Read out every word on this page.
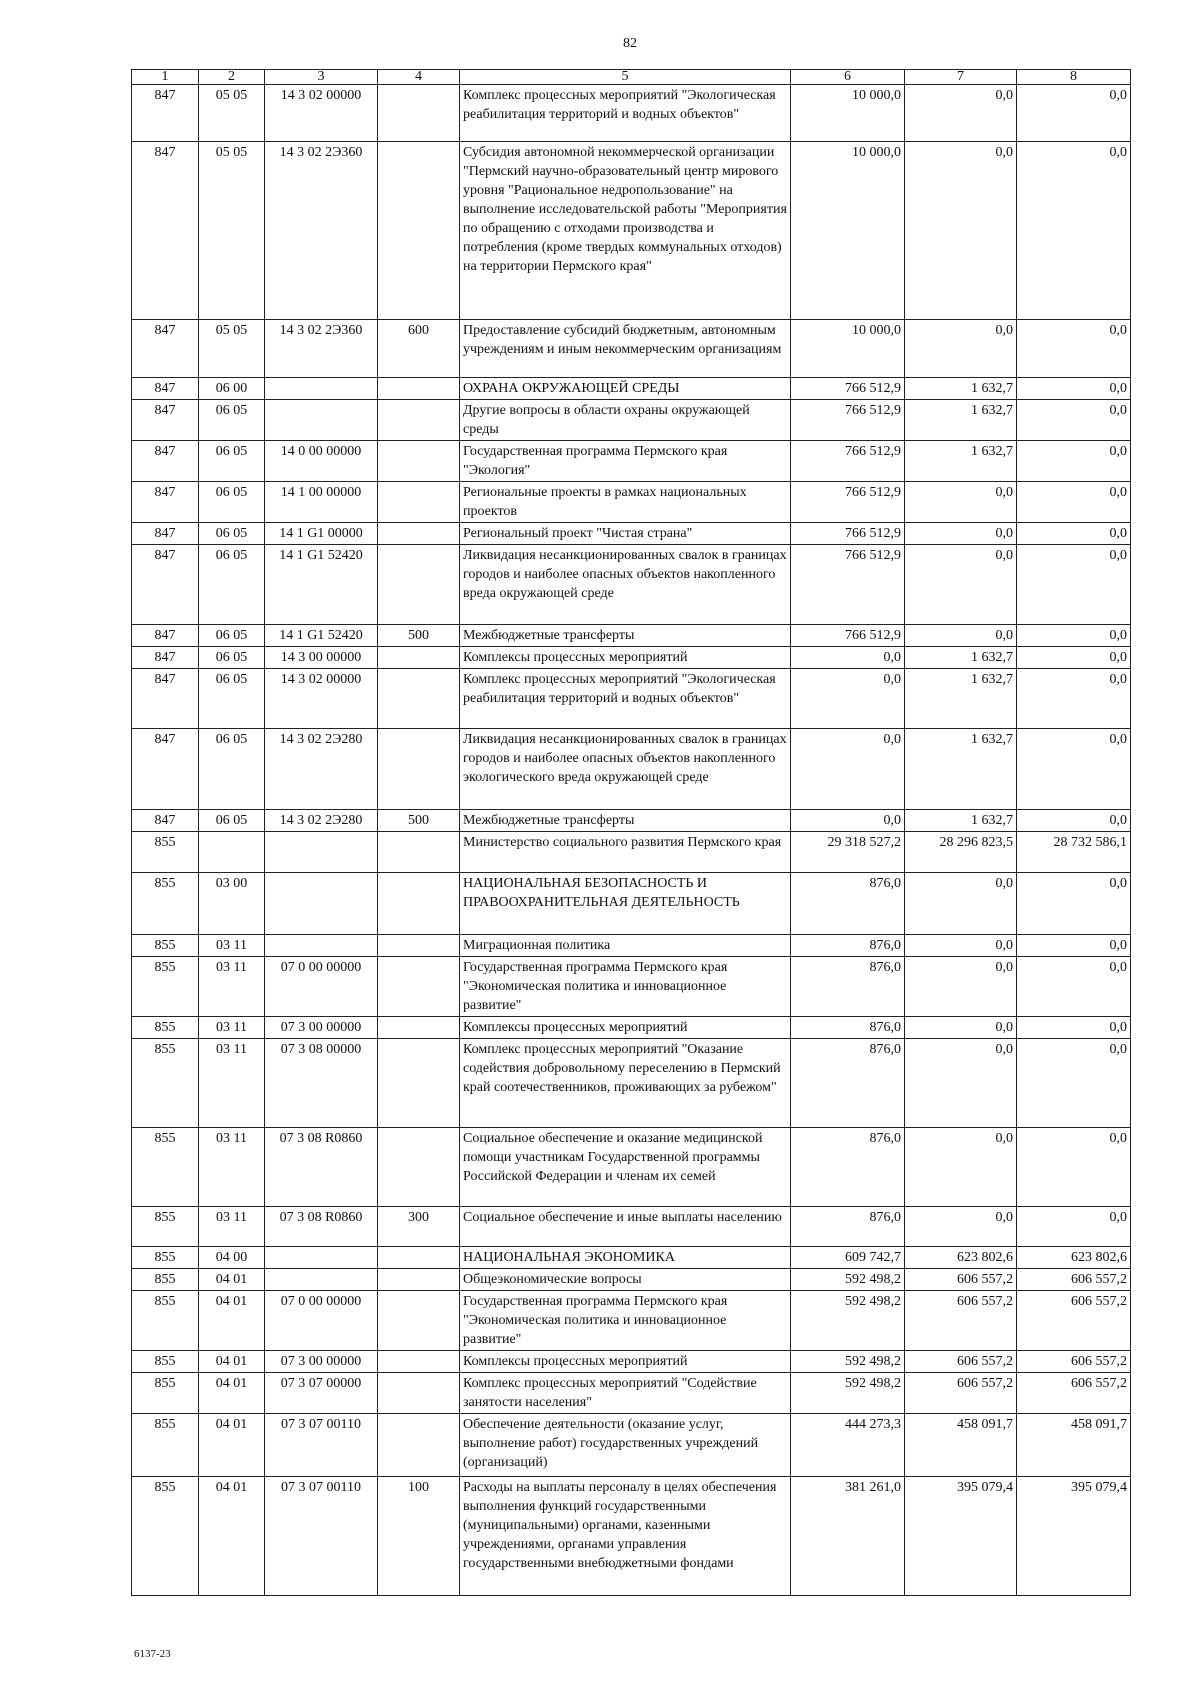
82
1	2	3	4	5	6	7	8
847	05 05	14 3 02 00000		Комплекс процессных мероприятий "Экологическая реабилитация территорий и водных объектов"	10 000,0	0,0	0,0
847	05 05	14 3 02 2Э360		Субсидия автономной некоммерческой организации "Пермский научно-образовательный центр мирового уровня "Рациональное недропользование" на выполнение исследовательской работы "Мероприятия по обращению с отходами производства и потребления (кроме твердых коммунальных отходов) на территории Пермского края"	10 000,0	0,0	0,0
847	05 05	14 3 02 2Э360	600	Предоставление субсидий бюджетным, автономным учреждениям и иным некоммерческим организациям	10 000,0	0,0	0,0
847	06 00			ОХРАНА ОКРУЖАЮЩЕЙ СРЕДЫ	766 512,9	1 632,7	0,0
847	06 05			Другие вопросы в области охраны окружающей среды	766 512,9	1 632,7	0,0
847	06 05	14 0 00 00000		Государственная программа Пермского края "Экология"	766 512,9	1 632,7	0,0
847	06 05	14 1 00 00000		Региональные проекты в рамках национальных проектов	766 512,9	0,0	0,0
847	06 05	14 1 G1 00000		Региональный проект "Чистая страна"	766 512,9	0,0	0,0
847	06 05	14 1 G1 52420		Ликвидация несанкционированных свалок в границах городов и наиболее опасных объектов накопленного вреда окружающей среде	766 512,9	0,0	0,0
847	06 05	14 1 G1 52420	500	Межбюджетные трансферты	766 512,9	0,0	0,0
847	06 05	14 3 00 00000		Комплексы процессных мероприятий	0,0	1 632,7	0,0
847	06 05	14 3 02 00000		Комплекс процессных мероприятий "Экологическая реабилитация территорий и водных объектов"	0,0	1 632,7	0,0
847	06 05	14 3 02 2Э280		Ликвидация несанкционированных свалок в границах городов и наиболее опасных объектов накопленного экологического вреда окружающей среде	0,0	1 632,7	0,0
847	06 05	14 3 02 2Э280	500	Межбюджетные трансферты	0,0	1 632,7	0,0
855				Министерство социального развития Пермского края	29 318 527,2	28 296 823,5	28 732 586,1
855	03 00			НАЦИОНАЛЬНАЯ БЕЗОПАСНОСТЬ И ПРАВООХРАНИТЕЛЬНАЯ ДЕЯТЕЛЬНОСТЬ	876,0	0,0	0,0
855	03 11			Миграционная политика	876,0	0,0	0,0
855	03 11	07 0 00 00000		Государственная программа Пермского края "Экономическая политика и инновационное развитие"	876,0	0,0	0,0
855	03 11	07 3 00 00000		Комплексы процессных мероприятий	876,0	0,0	0,0
855	03 11	07 3 08 00000		Комплекс процессных мероприятий "Оказание содействия добровольному переселению в Пермский край соотечественников, проживающих за рубежом"	876,0	0,0	0,0
855	03 11	07 3 08 R0860		Социальное обеспечение и оказание медицинской помощи участникам Государственной программы Российской Федерации и членам их семей	876,0	0,0	0,0
855	03 11	07 3 08 R0860	300	Социальное обеспечение и иные выплаты населению	876,0	0,0	0,0
855	04 00			НАЦИОНАЛЬНАЯ ЭКОНОМИКА	609 742,7	623 802,6	623 802,6
855	04 01			Общеэкономические вопросы	592 498,2	606 557,2	606 557,2
855	04 01	07 0 00 00000		Государственная программа Пермского края "Экономическая политика и инновационное развитие"	592 498,2	606 557,2	606 557,2
855	04 01	07 3 00 00000		Комплексы процессных мероприятий	592 498,2	606 557,2	606 557,2
855	04 01	07 3 07 00000		Комплекс процессных мероприятий "Содействие занятости населения"	592 498,2	606 557,2	606 557,2
855	04 01	07 3 07 00110		Обеспечение деятельности (оказание услуг, выполнение работ) государственных учреждений (организаций)	444 273,3	458 091,7	458 091,7
855	04 01	07 3 07 00110	100	Расходы на выплаты персоналу в целях обеспечения выполнения функций государственными (муниципальными) органами, казенными учреждениями, органами управления государственными внебюджетными фондами	381 261,0	395 079,4	395 079,4
6137-23
